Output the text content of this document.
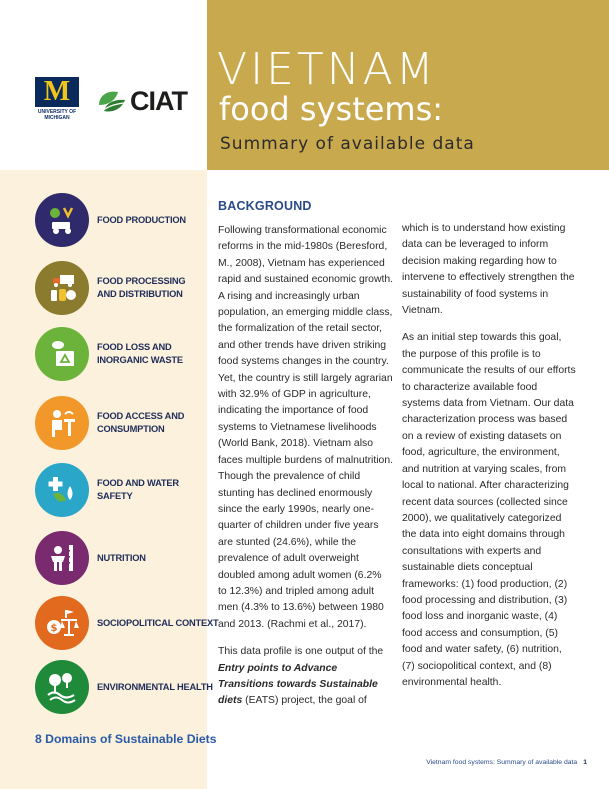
M
UNIVERSITY OF
MICHIGAN
CIAT
VIETNAM
food systems:
Summary of available data
FOOD PRODUCTION
FOOD PROCESSING
AND DISTRIBUTION
FOOD LOSS AND
INORGANIC WASTE
FOOD ACCESS AND
CONSUMPTION
FOOD AND WATER
SAFETY
NUTRITION
$
SOCIOPOLITICAL CONTEXT
ENVIRONMENTAL HEALTH
8 Domains of Sustainable Diets
BACKGROUND

Following transformational economic reforms in the mid-1980s (Beresford, M., 2008), Vietnam has experienced rapid and sustained economic growth. A rising and increasingly urban population, an emerging middle class, the formalization of the retail sector, and other trends have driven striking food systems changes in the country. Yet, the country is still largely agrarian with 32.9% of GDP in agriculture, indicating the importance of food systems to Vietnamese livelihoods (World Bank, 2018). Vietnam also faces multiple burdens of malnutrition. Though the prevalence of child stunting has declined enormously since the early 1990s, nearly one-quarter of children under five years are stunted (24.6%), while the prevalence of adult overweight doubled among adult women (6.2% to 12.3%) and tripled among adult men (4.3% to 13.6%) between 1980 and 2013. (Rachmi et al., 2017).

This data profile is one output of the Entry points to Advance Transitions towards Sustainable diets (EATS) project, the goal of

which is to understand how existing data can be leveraged to inform decision making regarding how to intervene to effectively strengthen the sustainability of food systems in Vietnam.

As an initial step towards this goal, the purpose of this profile is to communicate the results of our efforts to characterize available food systems data from Vietnam. Our data characterization process was based on a review of existing datasets on food, agriculture, the environment, and nutrition at varying scales, from local to national. After characterizing recent data sources (collected since 2000), we qualitatively categorized the data into eight domains through consultations with experts and sustainable diets conceptual frameworks: (1) food production, (2) food processing and distribution, (3) food loss and inorganic waste, (4) food access and consumption, (5) food and water safety, (6) nutrition, (7) sociopolitical context, and (8) environmental health.

Vietnam food systems: Summary of available data 1
